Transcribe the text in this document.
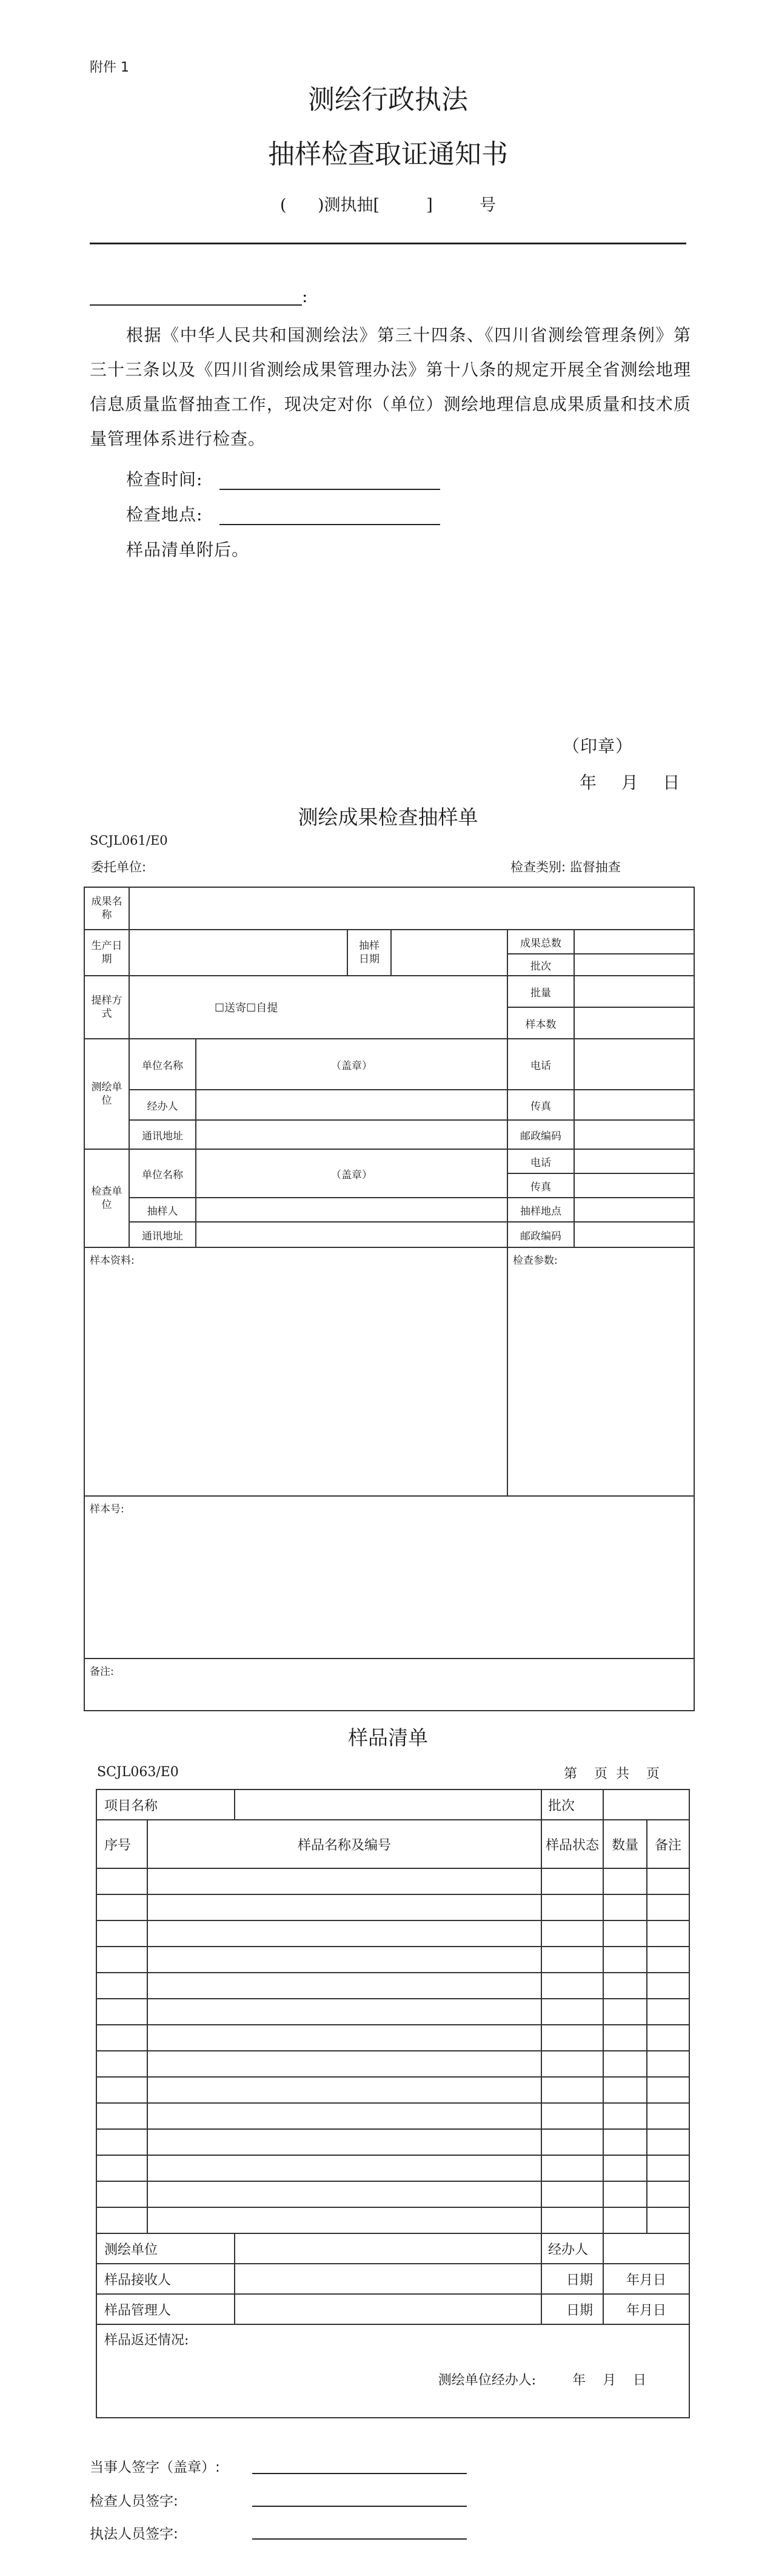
附件 1
测绘行政执法
抽样检查取证通知书
(      )测执抽[         ]         号
:
根据《中华人民共和国测绘法》第三十四条、《四川省测绘管理条例》第三十三条以及《四川省测绘成果管理办法》第十八条的规定开展全省测绘地理信息质量监督抽查工作，现决定对你（单位）测绘地理信息成果质量和技术质量管理体系进行检查。
检查时间:
检查地点:
样品清单附后。
（印章）
年    月    日
测绘成果检查抽样单
SCJL061/E0
委托单位:	检查类别: 监督抽查
成果名称						
生产日期			抽样日期		成果总数	
					批次	
提样方式	☐送寄☐自提				批量	
					样本数	
测绘单位	单位名称	（盖章）			电话	
	经办人				传真	
	通讯地址				邮政编码	
检查单位	单位名称	（盖章）			电话	
					传真	
	抽样人				抽样地点	
	通讯地址				邮政编码	
样本资料:					检查参数:	
样本号:						
备注:						
样品清单
SCJL063/E0	第    页  共    页
项目名称			批次		
序号	样品名称及编号		样品状态	数量	备注

测绘单位			经办人		
样品接收人			日期	年月日	
样品管理人			日期	年月日	

样品返还情况:

测绘单位经办人: 年    月    日					

当事人签字（盖章）:
检查人员签字:
执法人员签字:
